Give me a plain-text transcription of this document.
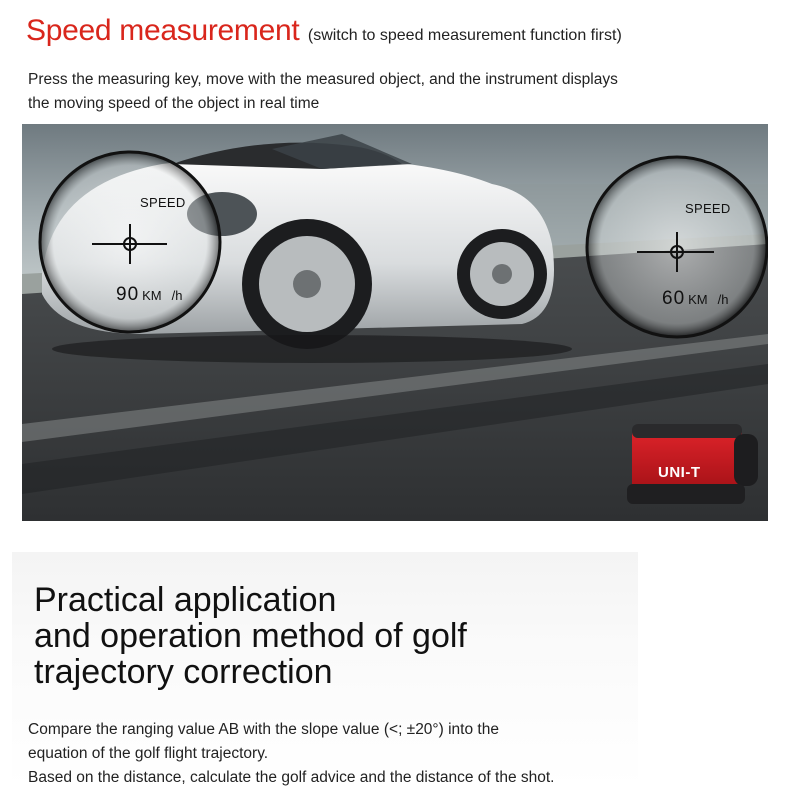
Speed measurement (switch to speed measurement function first)
Press the measuring key, move with the measured object, and the instrument displays
the moving speed of the object in real time
SPEED
90 KM /h
SPEED
60 KM /h
UNI-T
Practical application
and operation method of golf
trajectory correction
Compare the ranging value AB with the slope value (<; ±20°) into the
equation of the golf flight trajectory.
Based on the distance, calculate the golf advice and the distance of the shot.
